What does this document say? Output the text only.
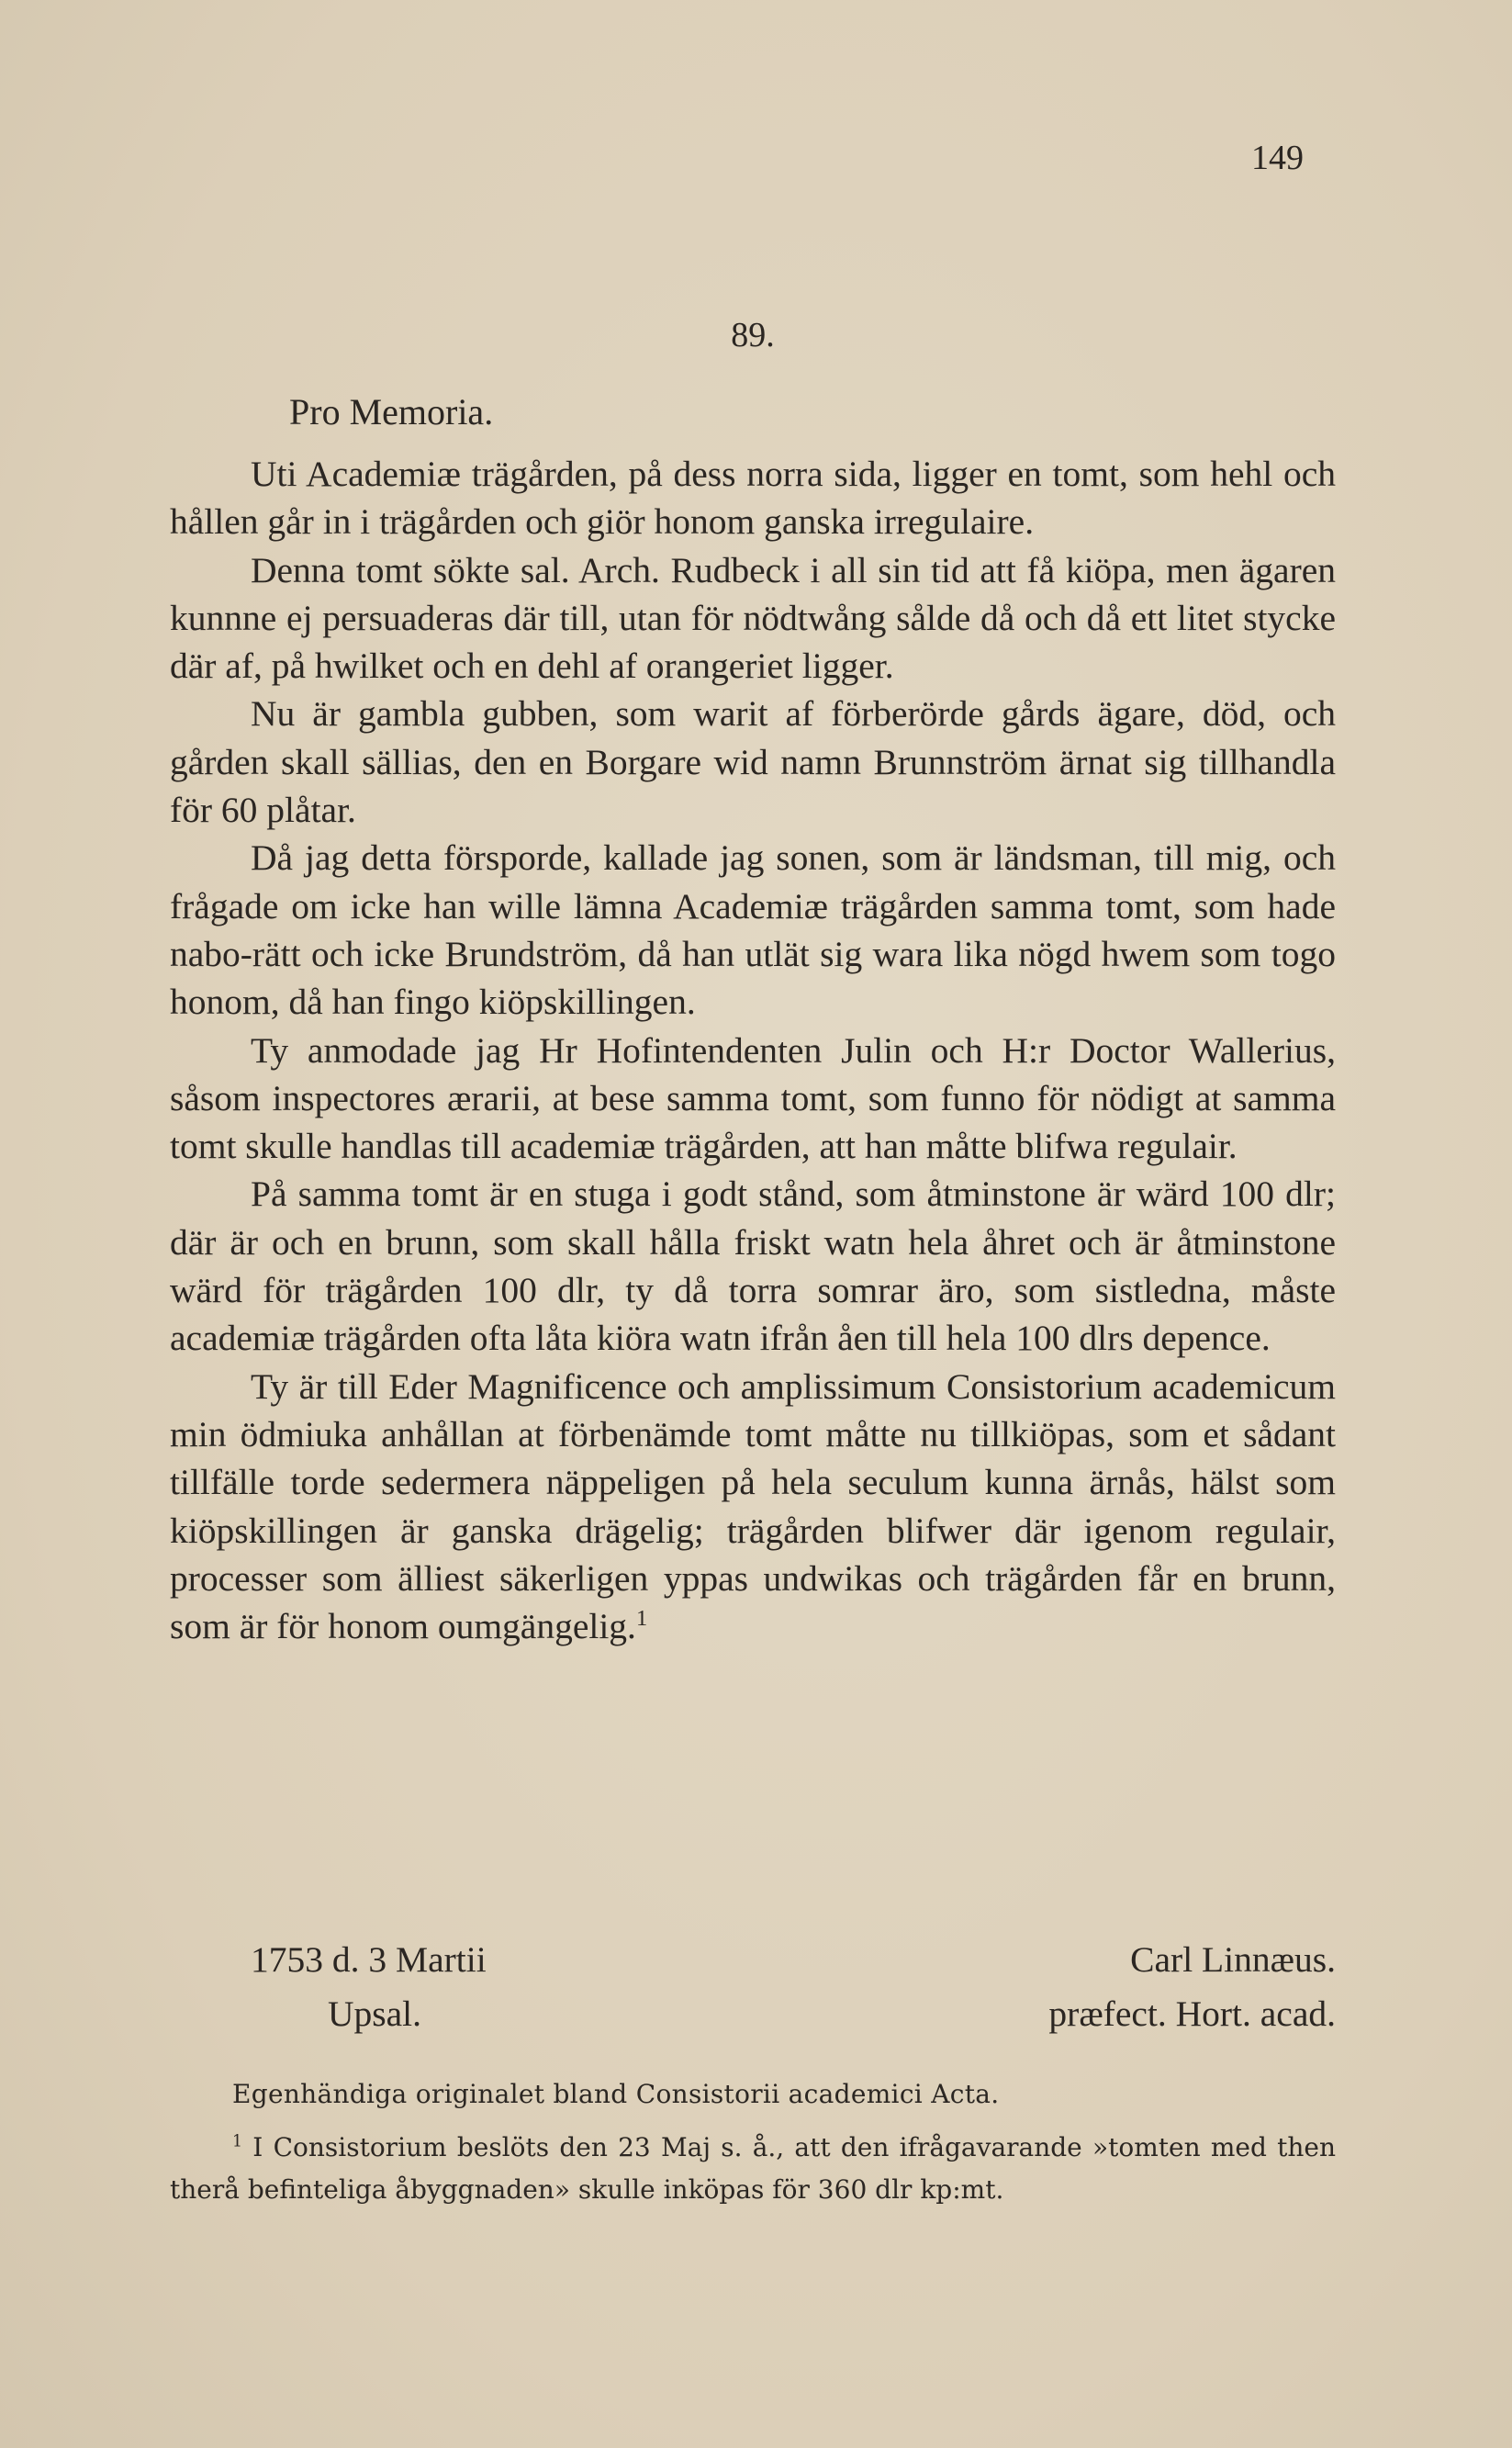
149
89.
Pro Memoria.

Uti Academiæ trägården, på dess norra sida, ligger en tomt, som hehl och hållen går in i trägården och giör honom ganska irregulaire.

Denna tomt sökte sal. Arch. Rudbeck i all sin tid att få kiöpa, men ägaren kunnne ej persuaderas där till, utan för nödtwång sålde då och då ett litet stycke där af, på hwilket och en dehl af orangeriet ligger.

Nu är gambla gubben, som warit af förberörde gårds ägare, död, och gården skall sällias, den en Borgare wid namn Brunnström ärnat sig tillhandla för 60 plåtar.

Då jag detta försporde, kallade jag sonen, som är ländsman, till mig, och frågade om icke han wille lämna Academiæ trägården samma tomt, som hade nabo-rätt och icke Brundström, då han utlät sig wara lika nögd hwem som togo honom, då han fingo kiöpskillingen.

Ty anmodade jag Hr Hofintendenten Julin och H:r Doctor Wallerius, såsom inspectores ærarii, at bese samma tomt, som funno för nödigt at samma tomt skulle handlas till academiæ trägården, att han måtte blifwa regulair.

På samma tomt är en stuga i godt stånd, som åtminstone är wärd 100 dlr; där är och en brunn, som skall hålla friskt watn hela åhret och är åtminstone wärd för trägården 100 dlr, ty då torra somrar äro, som sistledna, måste academiæ trägården ofta låta kiöra watn ifrån åen till hela 100 dlrs depence.

Ty är till Eder Magnificence och amplissimum Consistorium academicum min ödmiuka anhållan at förbenämde tomt måtte nu tillkiöpas, som et sådant tillfälle torde sedermera näppeligen på hela seculum kunna ärnås, hälst som kiöpskillingen är ganska drägelig; trägården blifwer där igenom regulair, processer som älliest säkerligen yppas undwikas och trägården får en brunn, som är för honom oumgängelig.$^1$

1753 d. 3 Martii	Carl Linnæus.
Upsal.	præfect. Hort. acad.
Egenhändiga originalet bland Consistorii academici Acta.
$^1$ I Consistorium beslöts den 23 Maj s. å., att den ifrågavarande »tomten med then therå befinteliga åbyggnaden» skulle inköpas för 360 dlr kp:mt.
